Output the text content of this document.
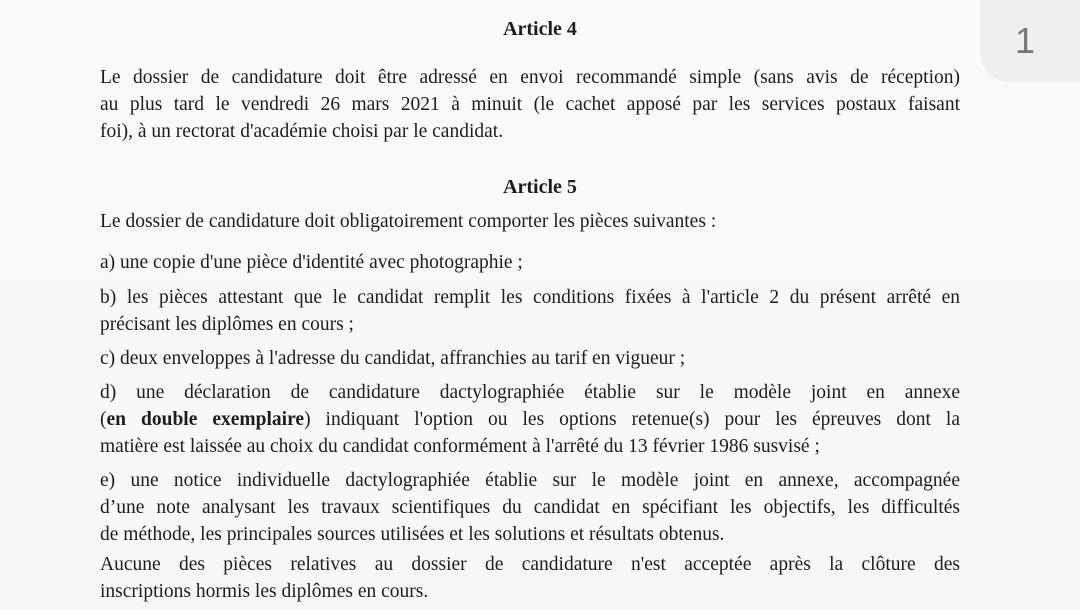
1
Article 4
Le dossier de candidature doit être adressé en envoi recommandé simple (sans avis de réception)
au plus tard le vendredi 26 mars 2021 à minuit (le cachet apposé par les services postaux faisant
foi), à un rectorat d'académie choisi par le candidat.
Article 5

Le dossier de candidature doit obligatoirement comporter les pièces suivantes :

a) une copie d'une pièce d'identité avec photographie ;

b) les pièces attestant que le candidat remplit les conditions fixées à l'article 2 du présent arrêté en
précisant les diplômes en cours ;

c) deux enveloppes à l'adresse du candidat, affranchies au tarif en vigueur ;

d) une déclaration de candidature dactylographiée établie sur le modèle joint en annexe
(en double exemplaire) indiquant l'option ou les options retenue(s) pour les épreuves dont la
matière est laissée au choix du candidat conformément à l'arrêté du 13 février 1986 susvisé ;
e) une notice individuelle dactylographiée établie sur le modèle joint en annexe, accompagnée
d’une note analysant les travaux scientifiques du candidat en spécifiant les objectifs, les difficultés
de méthode, les principales sources utilisées et les solutions et résultats obtenus.
Aucune des pièces relatives au dossier de candidature n'est acceptée après la clôture des
inscriptions hormis les diplômes en cours.
